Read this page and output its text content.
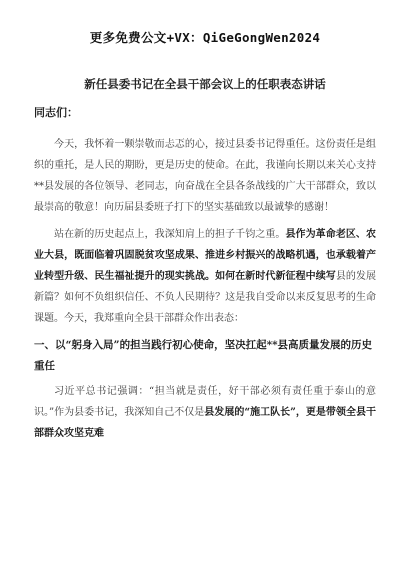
更多免费公文+VX：QiGeGongWen2024
新任县委书记在全县干部会议上的任职表态讲话
同志们：

今天，我怀着一颗崇敬而忐忑的心，接过县委书记得重任。这份责任是组织的重托，是人民的期盼，更是历史的使命。在此，我谨向长期以来关心支持**县发展的各位领导、老同志，向奋战在全县各条战线的广大干部群众，致以最崇高的敬意！向历届县委班子打下的坚实基础致以最诚挚的感谢！

站在新的历史起点上，我深知肩上的担子千钧之重。县作为革命老区、农业大县，既面临着巩固脱贫攻坚成果、推进乡村振兴的战略机遇，也承载着产业转型升级、民生福祉提升的现实挑战。如何在新时代新征程中续写县的发展新篇？如何不负组织信任、不负人民期待？这是我自受命以来反复思考的生命课题。今天，我郑重向全县干部群众作出表态：

一、以“躬身入局”的担当践行初心使命，坚决扛起**县高质量发展的历史重任

习近平总书记强调：“担当就是责任，好干部必须有责任重于泰山的意识。”作为县委书记，我深知自己不仅是县发展的“施工队长”，更是带领全县干部群众攻坚克难
